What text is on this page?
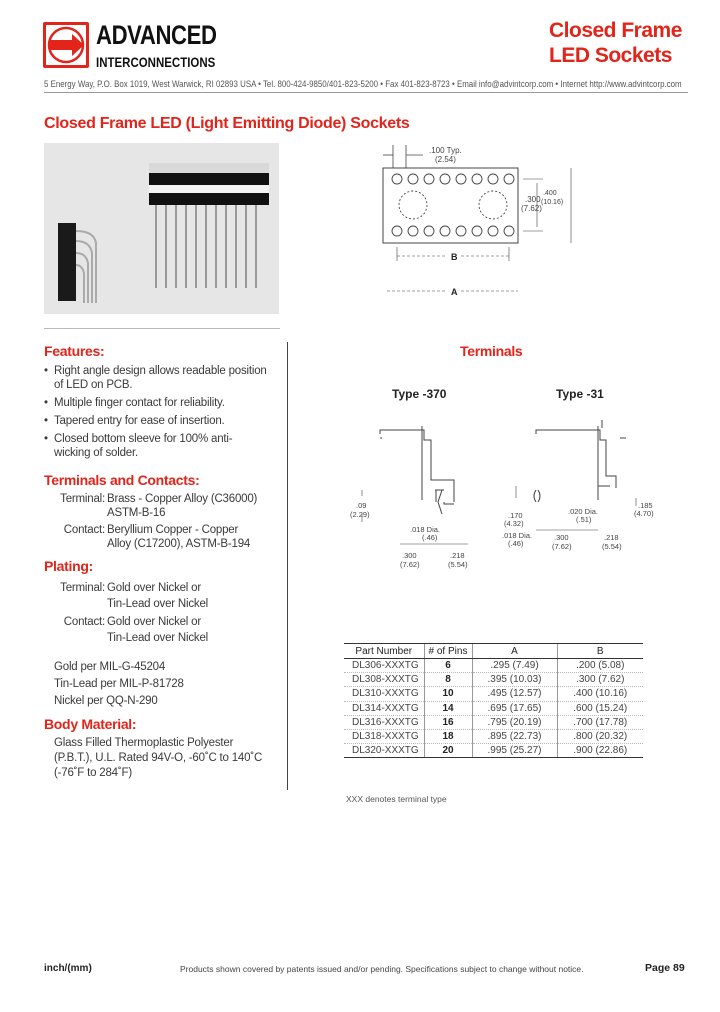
ADVANCED
INTERCONNECTIONS
Closed Frame
LED Sockets
5 Energy Way, P.O. Box 1019, West Warwick, RI 02893 USA • Tel. 800-424-9850/401-823-5200 • Fax 401-823-8723 • Email info@advintcorp.com • Internet http://www.advintcorp.com
Closed Frame LED (Light Emitting Diode) Sockets
.100 Typ.
(2.54)
.300
(7.62)
.400
(10.16)
B
A
Features:
• Right angle design allows readable position
of LED on PCB.
• Multiple finger contact for reliability.
• Tapered entry for ease of insertion.
• Closed bottom sleeve for 100% anti-
wicking of solder.
Terminals and Contacts:
Terminal: Brass - Copper Alloy (C36000)
ASTM-B-16
Contact: Beryllium Copper - Copper
Alloy (C17200), ASTM-B-194
Plating:
Terminal: Gold over Nickel or
Tin-Lead over Nickel
Contact: Gold over Nickel or
Tin-Lead over Nickel
Gold per MIL-G-45204
Tin-Lead per MIL-P-81728
Nickel per QQ-N-290
Body Material:
Glass Filled Thermoplastic Polyester
(P.B.T.), U.L. Rated 94V-O, -60˚C to 140˚C
(-76˚F to 284˚F)
Terminals
Type -370	Type -31
.09
(2.29)
.018 Dia.
(.46)
.300
(7.62)
.218
(5.54)
.170
(4.32)
.020 Dia.
(.51)
.018 Dia.
(.46)
.300
(7.62)
.218
(5.54)
.185
(4.70)
Part Number	# of Pins	A	B
DL306-XXXTG	6	.295 (7.49)	.200 (5.08)
DL308-XXXTG	8	.395 (10.03)	.300 (7.62)
DL310-XXXTG	10	.495 (12.57)	.400 (10.16)
DL314-XXXTG	14	.695 (17.65)	.600 (15.24)
DL316-XXXTG	16	.795 (20.19)	.700 (17.78)
DL318-XXXTG	18	.895 (22.73)	.800 (20.32)
DL320-XXXTG	20	.995 (25.27)	.900 (22.86)
XXX denotes terminal type
inch/(mm)	Products shown covered by patents issued and/or pending. Specifications subject to change without notice.	Page 89
